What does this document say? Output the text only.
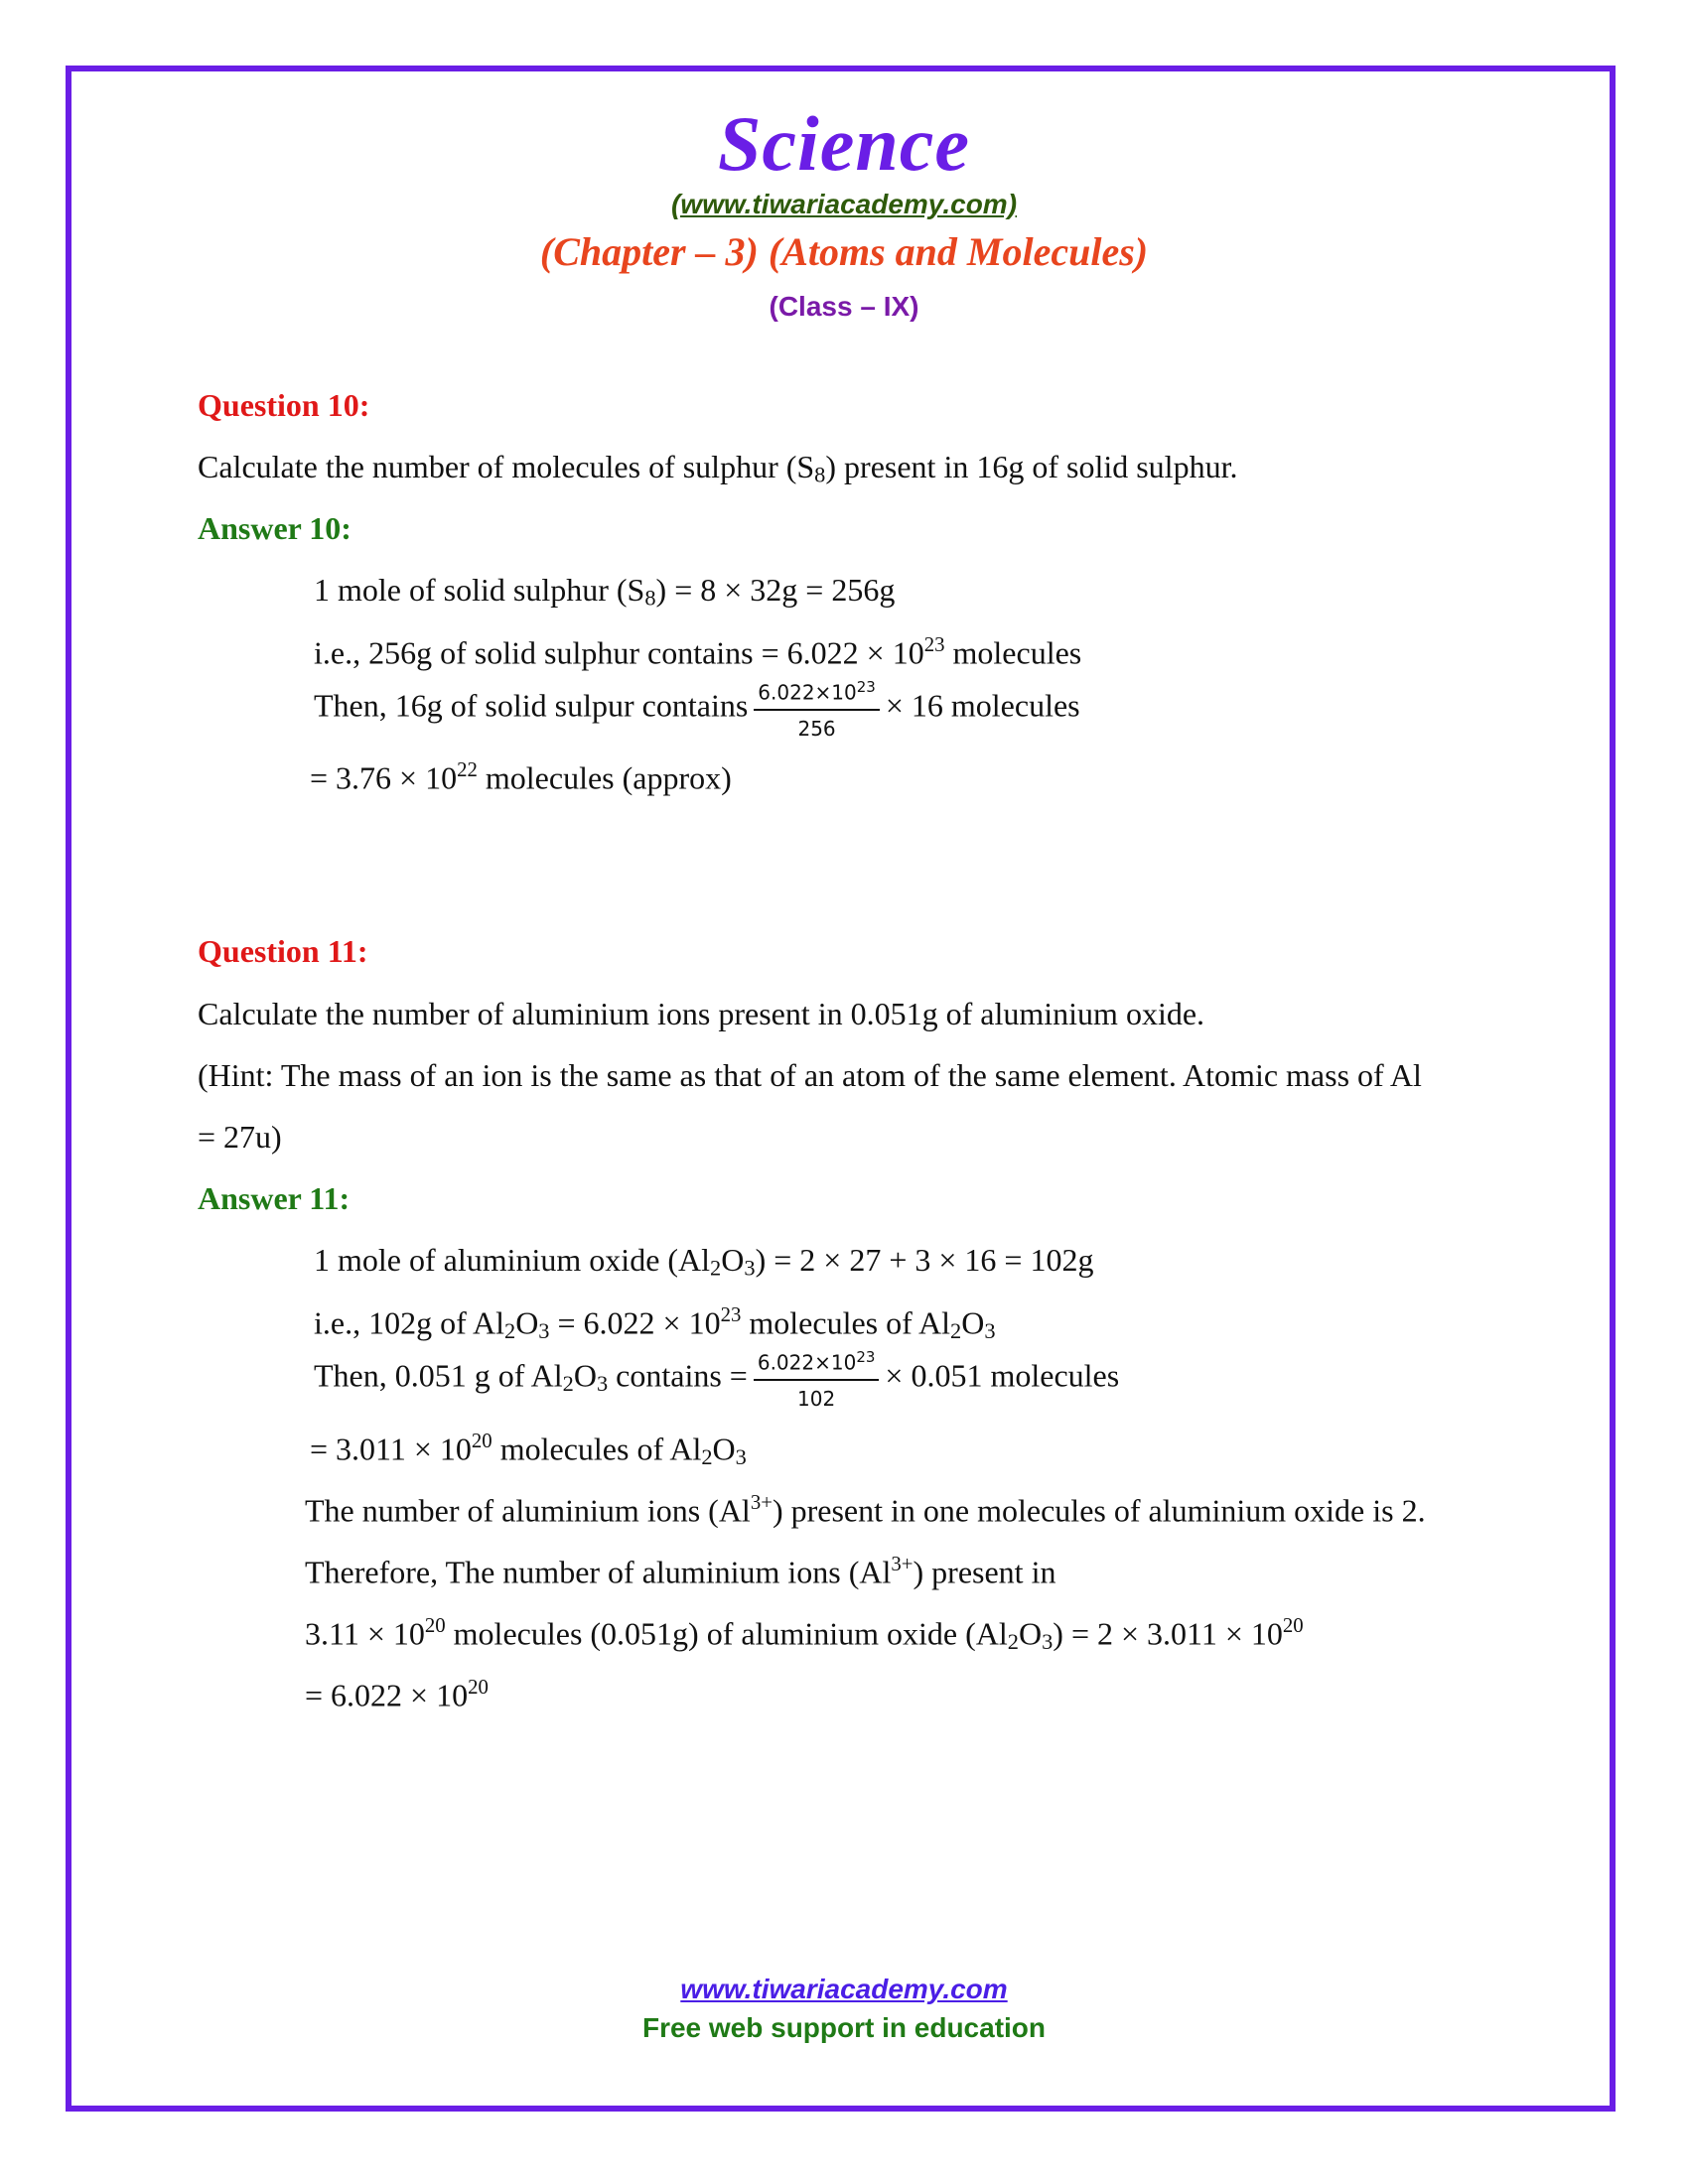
Science
(www.tiwariacademy.com)
(Chapter – 3) (Atoms and Molecules)
(Class – IX)
Question 10:
Calculate the number of molecules of sulphur $(S_8)$ present in 16g of solid sulphur.
Answer 10:
1 mole of solid sulphur $(S_8) = 8 \times 32g = 256g$
i.e., 256g of solid sulphur contains = $6.022 \times 10^{23}$ molecules
Then, 16g of solid sulpur contains $\frac{6.022\times 10^{23}}{256} \times 16$ molecules
= $3.76 \times 10^{22}$ molecules (approx)
Question 11:
Calculate the number of aluminium ions present in 0.051g of aluminium oxide.
(Hint: The mass of an ion is the same as that of an atom of the same element. Atomic mass of Al
= 27u)
Answer 11:
1 mole of aluminium oxide $(Al_2O_3) = 2 \times 27 + 3 \times 16 = 102g$
i.e., 102g of $Al_2O_3 = 6.022 \times 10^{23}$ molecules of $Al_2O_3$
Then, 0.051 g of $Al_2O_3$ contains = $\frac{6.022\times 10^{23}}{102} \times 0.051$ molecules
= $3.011 \times 10^{20}$ molecules of $Al_2O_3$
The number of aluminium ions $(Al^{3+})$ present in one molecules of aluminium oxide is 2.
Therefore, The number of aluminium ions $(Al^{3+})$ present in
$3.11 \times 10^{20}$ molecules (0.051g) of aluminium oxide $(Al_2O_3) = 2 \times 3.011 \times 10^{20}$
= $6.022 \times 10^{20}$
www.tiwariacademy.com
Free web support in education
